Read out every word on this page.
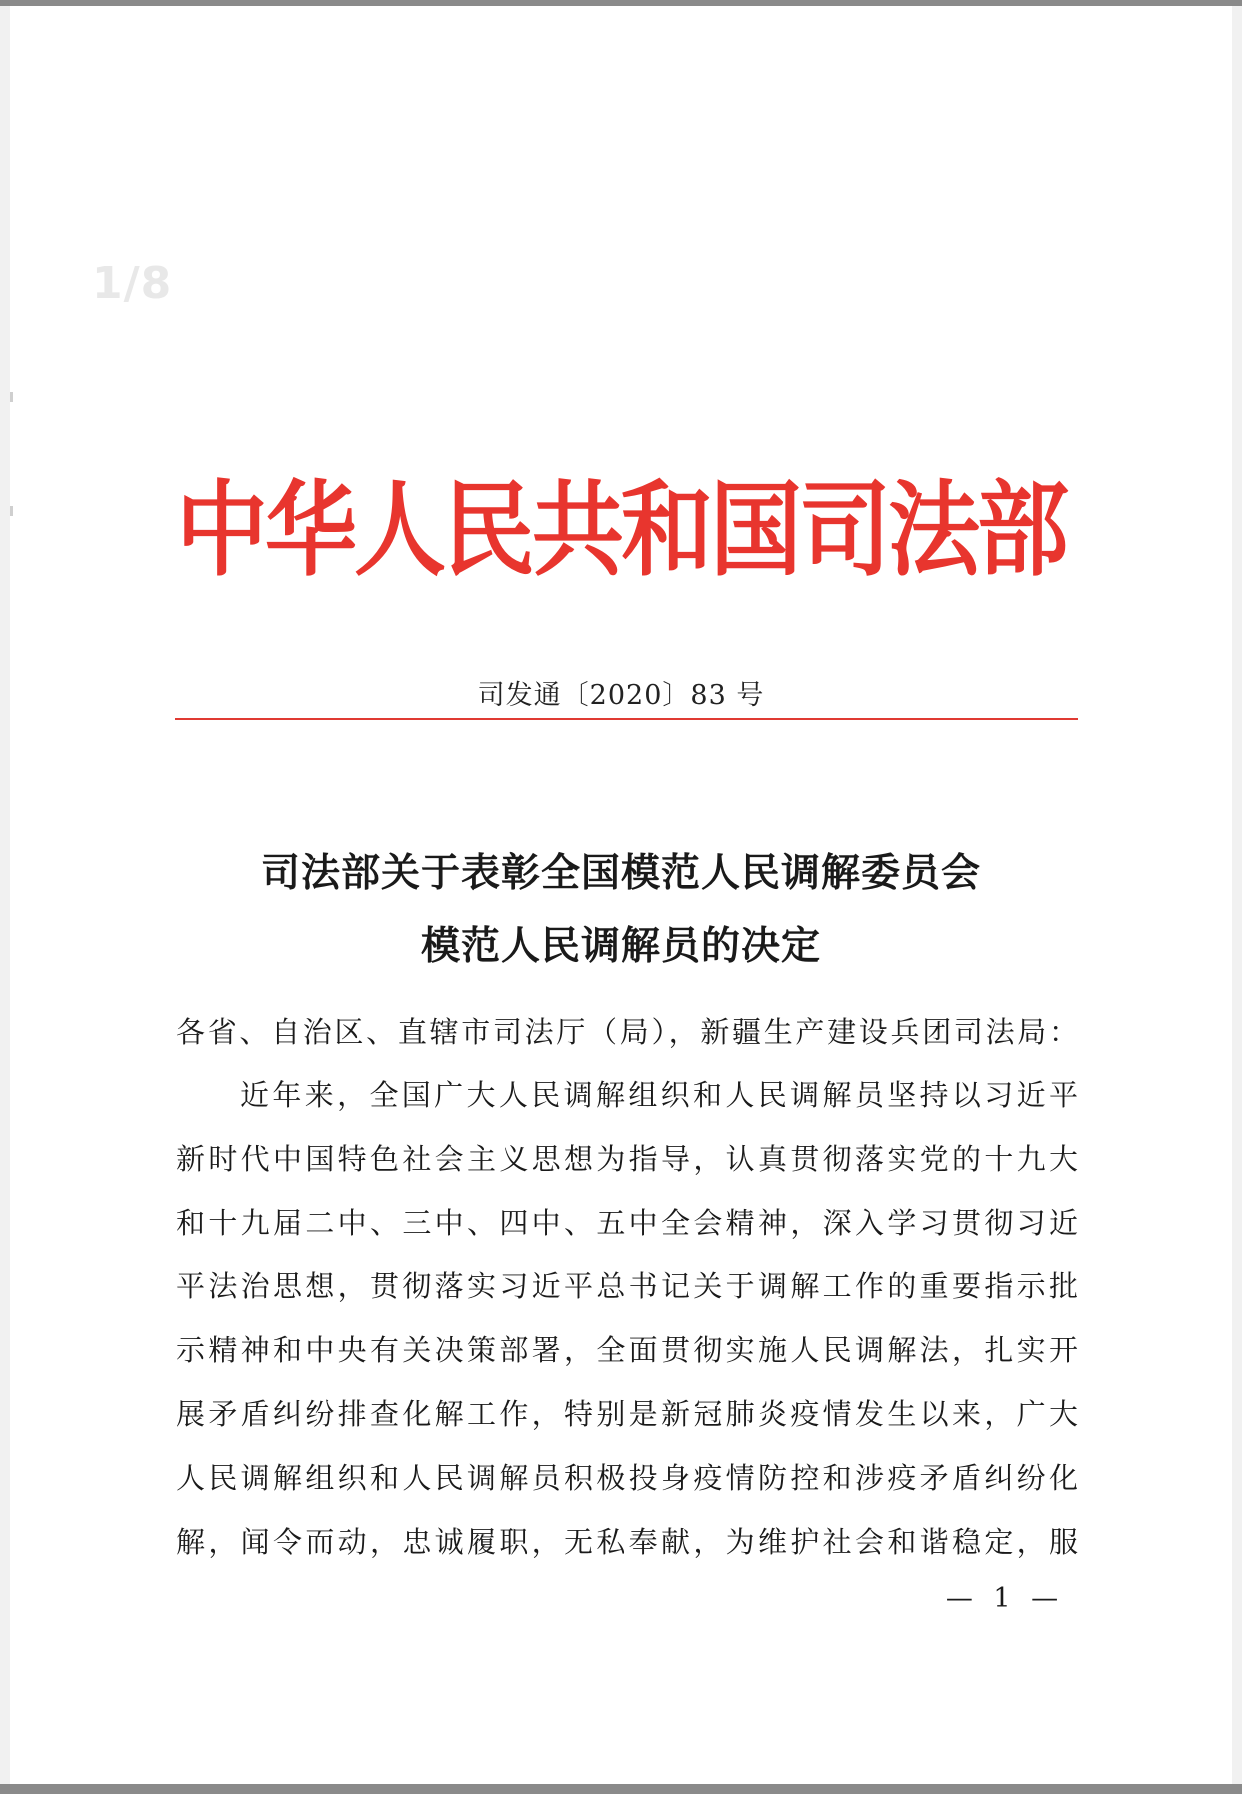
1/8
中华人民共和国司法部
司发通〔2020〕83 号
司法部关于表彰全国模范人民调解委员会
模范人民调解员的决定
各省、自治区、直辖市司法厅（局），新疆生产建设兵团司法局：
近年来，全国广大人民调解组织和人民调解员坚持以习近平
新时代中国特色社会主义思想为指导，认真贯彻落实党的十九大
和十九届二中、三中、四中、五中全会精神，深入学习贯彻习近
平法治思想，贯彻落实习近平总书记关于调解工作的重要指示批
示精神和中央有关决策部署，全面贯彻实施人民调解法，扎实开
展矛盾纠纷排查化解工作，特别是新冠肺炎疫情发生以来，广大
人民调解组织和人民调解员积极投身疫情防控和涉疫矛盾纠纷化
解，闻令而动，忠诚履职，无私奉献，为维护社会和谐稳定，服
— 1 —
